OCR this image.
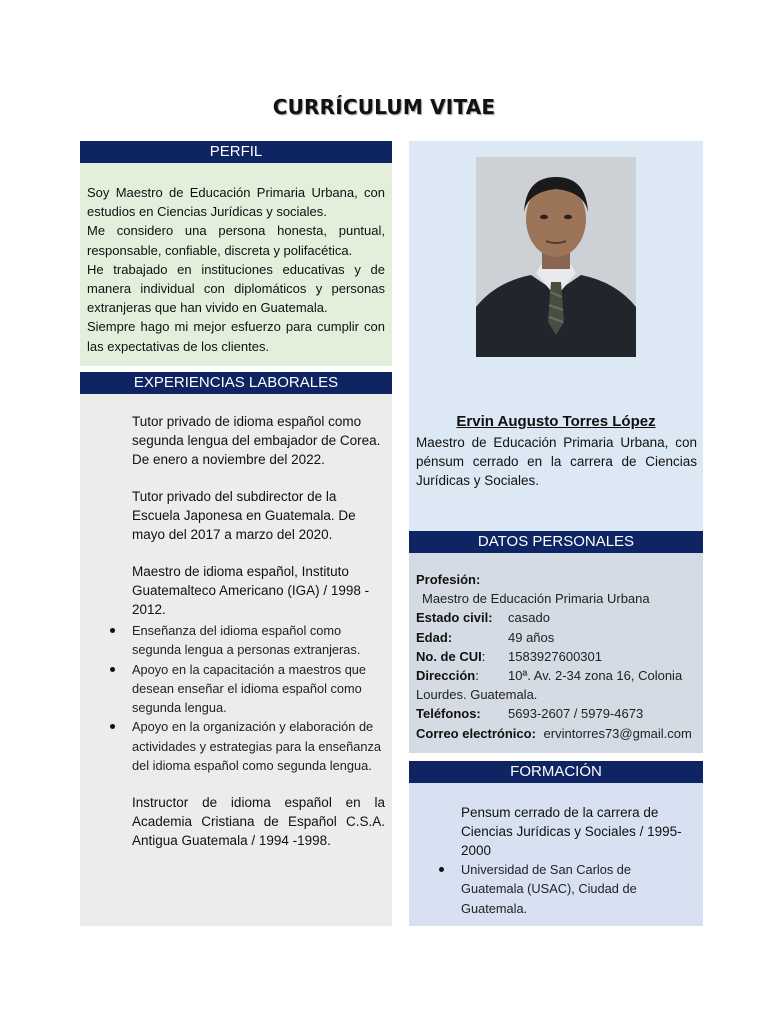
CURRÍCULUM VITAE
PERFIL

Soy Maestro de Educación Primaria Urbana, con estudios en Ciencias Jurídicas y sociales.

Me considero una persona honesta, puntual, responsable, confiable, discreta y polifacética.

He trabajado en instituciones educativas y de manera individual con diplomáticos y personas extranjeras que han vivido en Guatemala.

Siempre hago mi mejor esfuerzo para cumplir con las expectativas de los clientes.

EXPERIENCIAS LABORALES
Tutor privado de idioma español como segunda lengua del embajador de Corea. De enero a noviembre del 2022.
Tutor privado del subdirector de la Escuela Japonesa en Guatemala. De mayo del 2017 a marzo del 2020.
Maestro de idioma español, Instituto Guatemalteco Americano (IGA) / 1998 - 2012.
Enseñanza del idioma español como segunda lengua a personas extranjeras.
Apoyo en la capacitación a maestros que desean enseñar el idioma español como segunda lengua.
Apoyo en la organización y elaboración de actividades y estrategias para la enseñanza del idioma español como segunda lengua.
Instructor de idioma español en la Academia Cristiana de Español C.S.A. Antigua Guatemala / 1994 -1998.
Ervin Augusto Torres López
Maestro de Educación Primaria Urbana, con pénsum cerrado en la carrera de Ciencias Jurídicas y Sociales.
DATOS PERSONALES
Profesión: Maestro de Educación Primaria Urbana
Estado civil:	casado
Edad:	49 años
No. de CUI:	1583927600301
Dirección:	10ª. Av. 2-34 zona 16, Colonia Lourdes. Guatemala.
Teléfonos:	5693-2607 / 5979-4673
Correo electrónico: ervintorres73@gmail.com
FORMACIÓN
Pensum cerrado de la carrera de Ciencias Jurídicas y Sociales / 1995-2000
Universidad de San Carlos de Guatemala (USAC), Ciudad de Guatemala.
